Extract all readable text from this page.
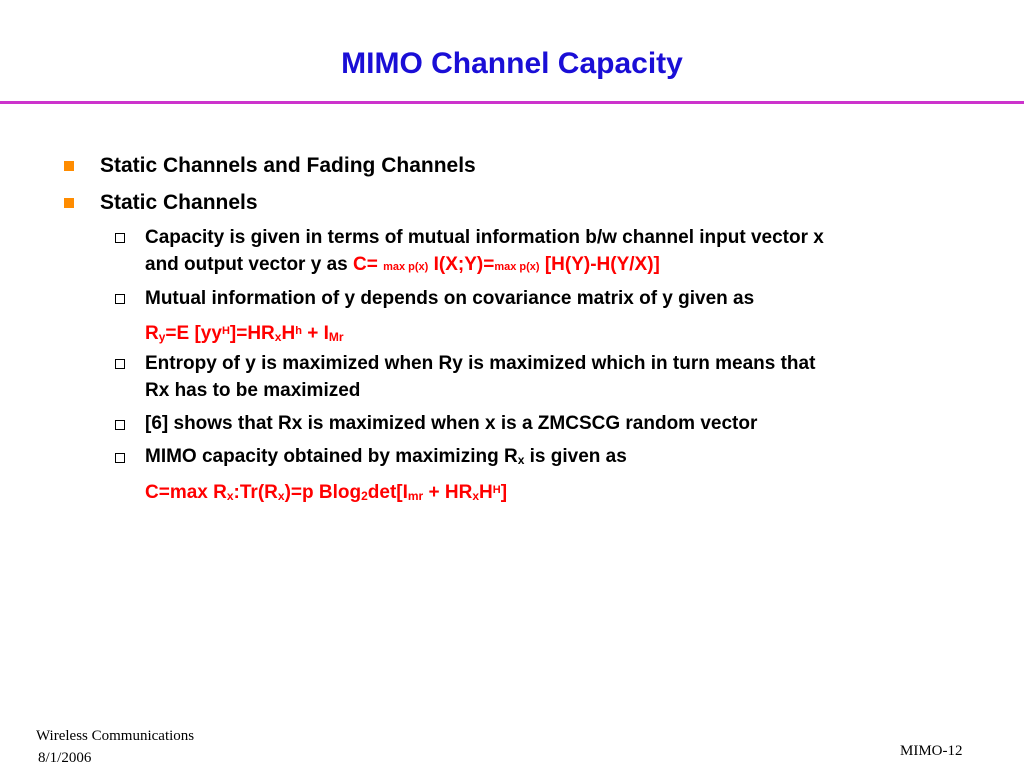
MIMO Channel Capacity
Static Channels and Fading Channels
Static Channels
Capacity is given in terms of mutual information b/w channel input vector x
and output vector y as C= max p(x) I(X;Y)=max p(x) [H(Y)-H(Y/X)]
Mutual information of y depends on covariance matrix of y given as
Ry=E $[yy^H]=HRxH^h$ + IMr
Entropy of y is maximized when Ry is maximized which in turn means that
Rx has to be maximized
[6] shows that Rx is maximized when x is a ZMCSCG random vector
MIMO capacity obtained by maximizing Rx is given as
C=max Rx:Tr(Rx)=p Blog2det[Imr + HRxH$^H$]
Wireless Communications
8/1/2006	MIMO-12
